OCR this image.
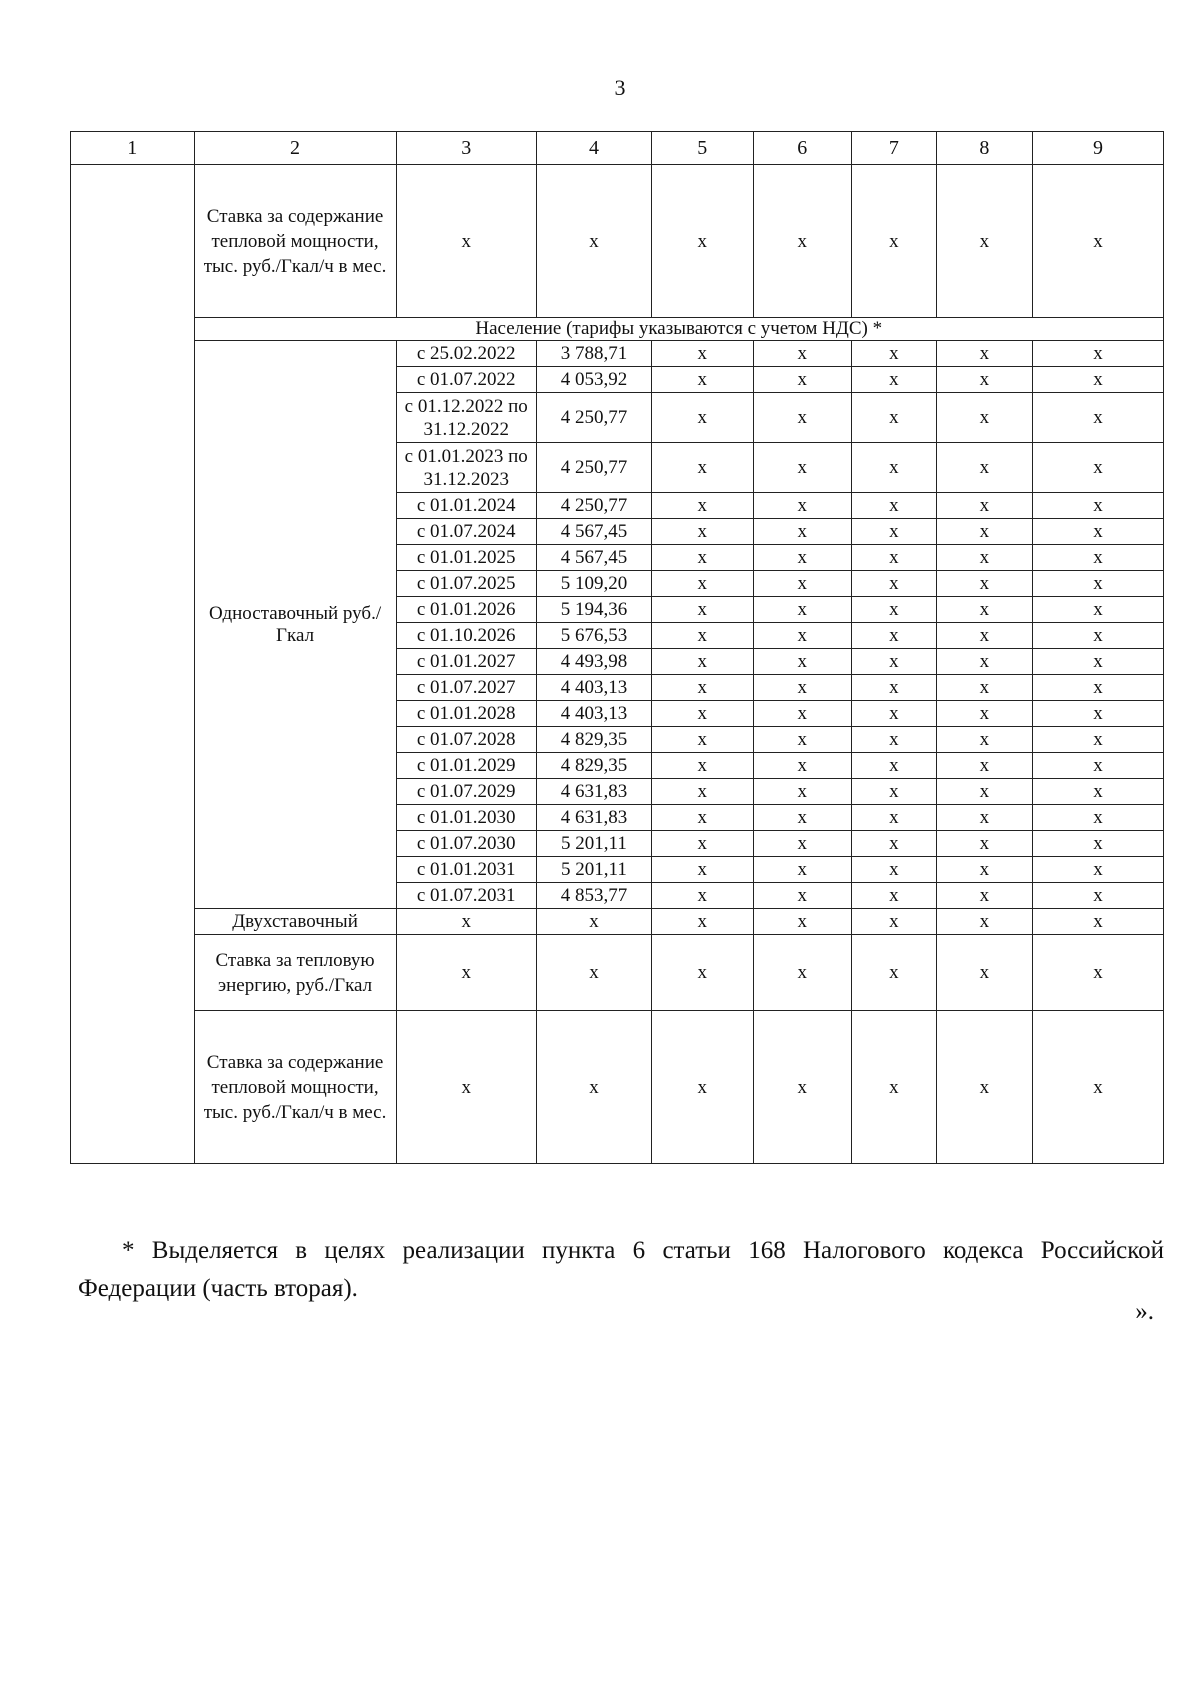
3
1	2	3	4	5	6	7	8	9
	Ставка за содержание тепловой мощности, тыс. руб./Гкал/ч в мес.	х	х	х	х	х	х	х
	Население (тарифы указываются с учетом НДС) *							
	Одноставочный руб./Гкал	с 25.02.2022	3 788,71	х	х	х	х	х
		с 01.07.2022	4 053,92	х	х	х	х	х
		с 01.12.2022 по 31.12.2022	4 250,77	х	х	х	х	х
		с 01.01.2023 по 31.12.2023	4 250,77	х	х	х	х	х
		с 01.01.2024	4 250,77	х	х	х	х	х
		с 01.07.2024	4 567,45	х	х	х	х	х
		с 01.01.2025	4 567,45	х	х	х	х	х
		с 01.07.2025	5 109,20	х	х	х	х	х
		с 01.01.2026	5 194,36	х	х	х	х	х
		с 01.10.2026	5 676,53	х	х	х	х	х
		с 01.01.2027	4 493,98	х	х	х	х	х
		с 01.07.2027	4 403,13	х	х	х	х	х
		с 01.01.2028	4 403,13	х	х	х	х	х
		с 01.07.2028	4 829,35	х	х	х	х	х
		с 01.01.2029	4 829,35	х	х	х	х	х
		с 01.07.2029	4 631,83	х	х	х	х	х
		с 01.01.2030	4 631,83	х	х	х	х	х
		с 01.07.2030	5 201,11	х	х	х	х	х
		с 01.01.2031	5 201,11	х	х	х	х	х
		с 01.07.2031	4 853,77	х	х	х	х	х
	Двухставочный	х	х	х	х	х	х	х
	Ставка за тепловую энергию, руб./Гкал	х	х	х	х	х	х	х
	Ставка за содержание тепловой мощности, тыс. руб./Гкал/ч в мес.	х	х	х	х	х	х	х
* Выделяется в целях реализации пункта 6 статьи 168 Налогового кодекса Российской Федерации (часть вторая).
».
